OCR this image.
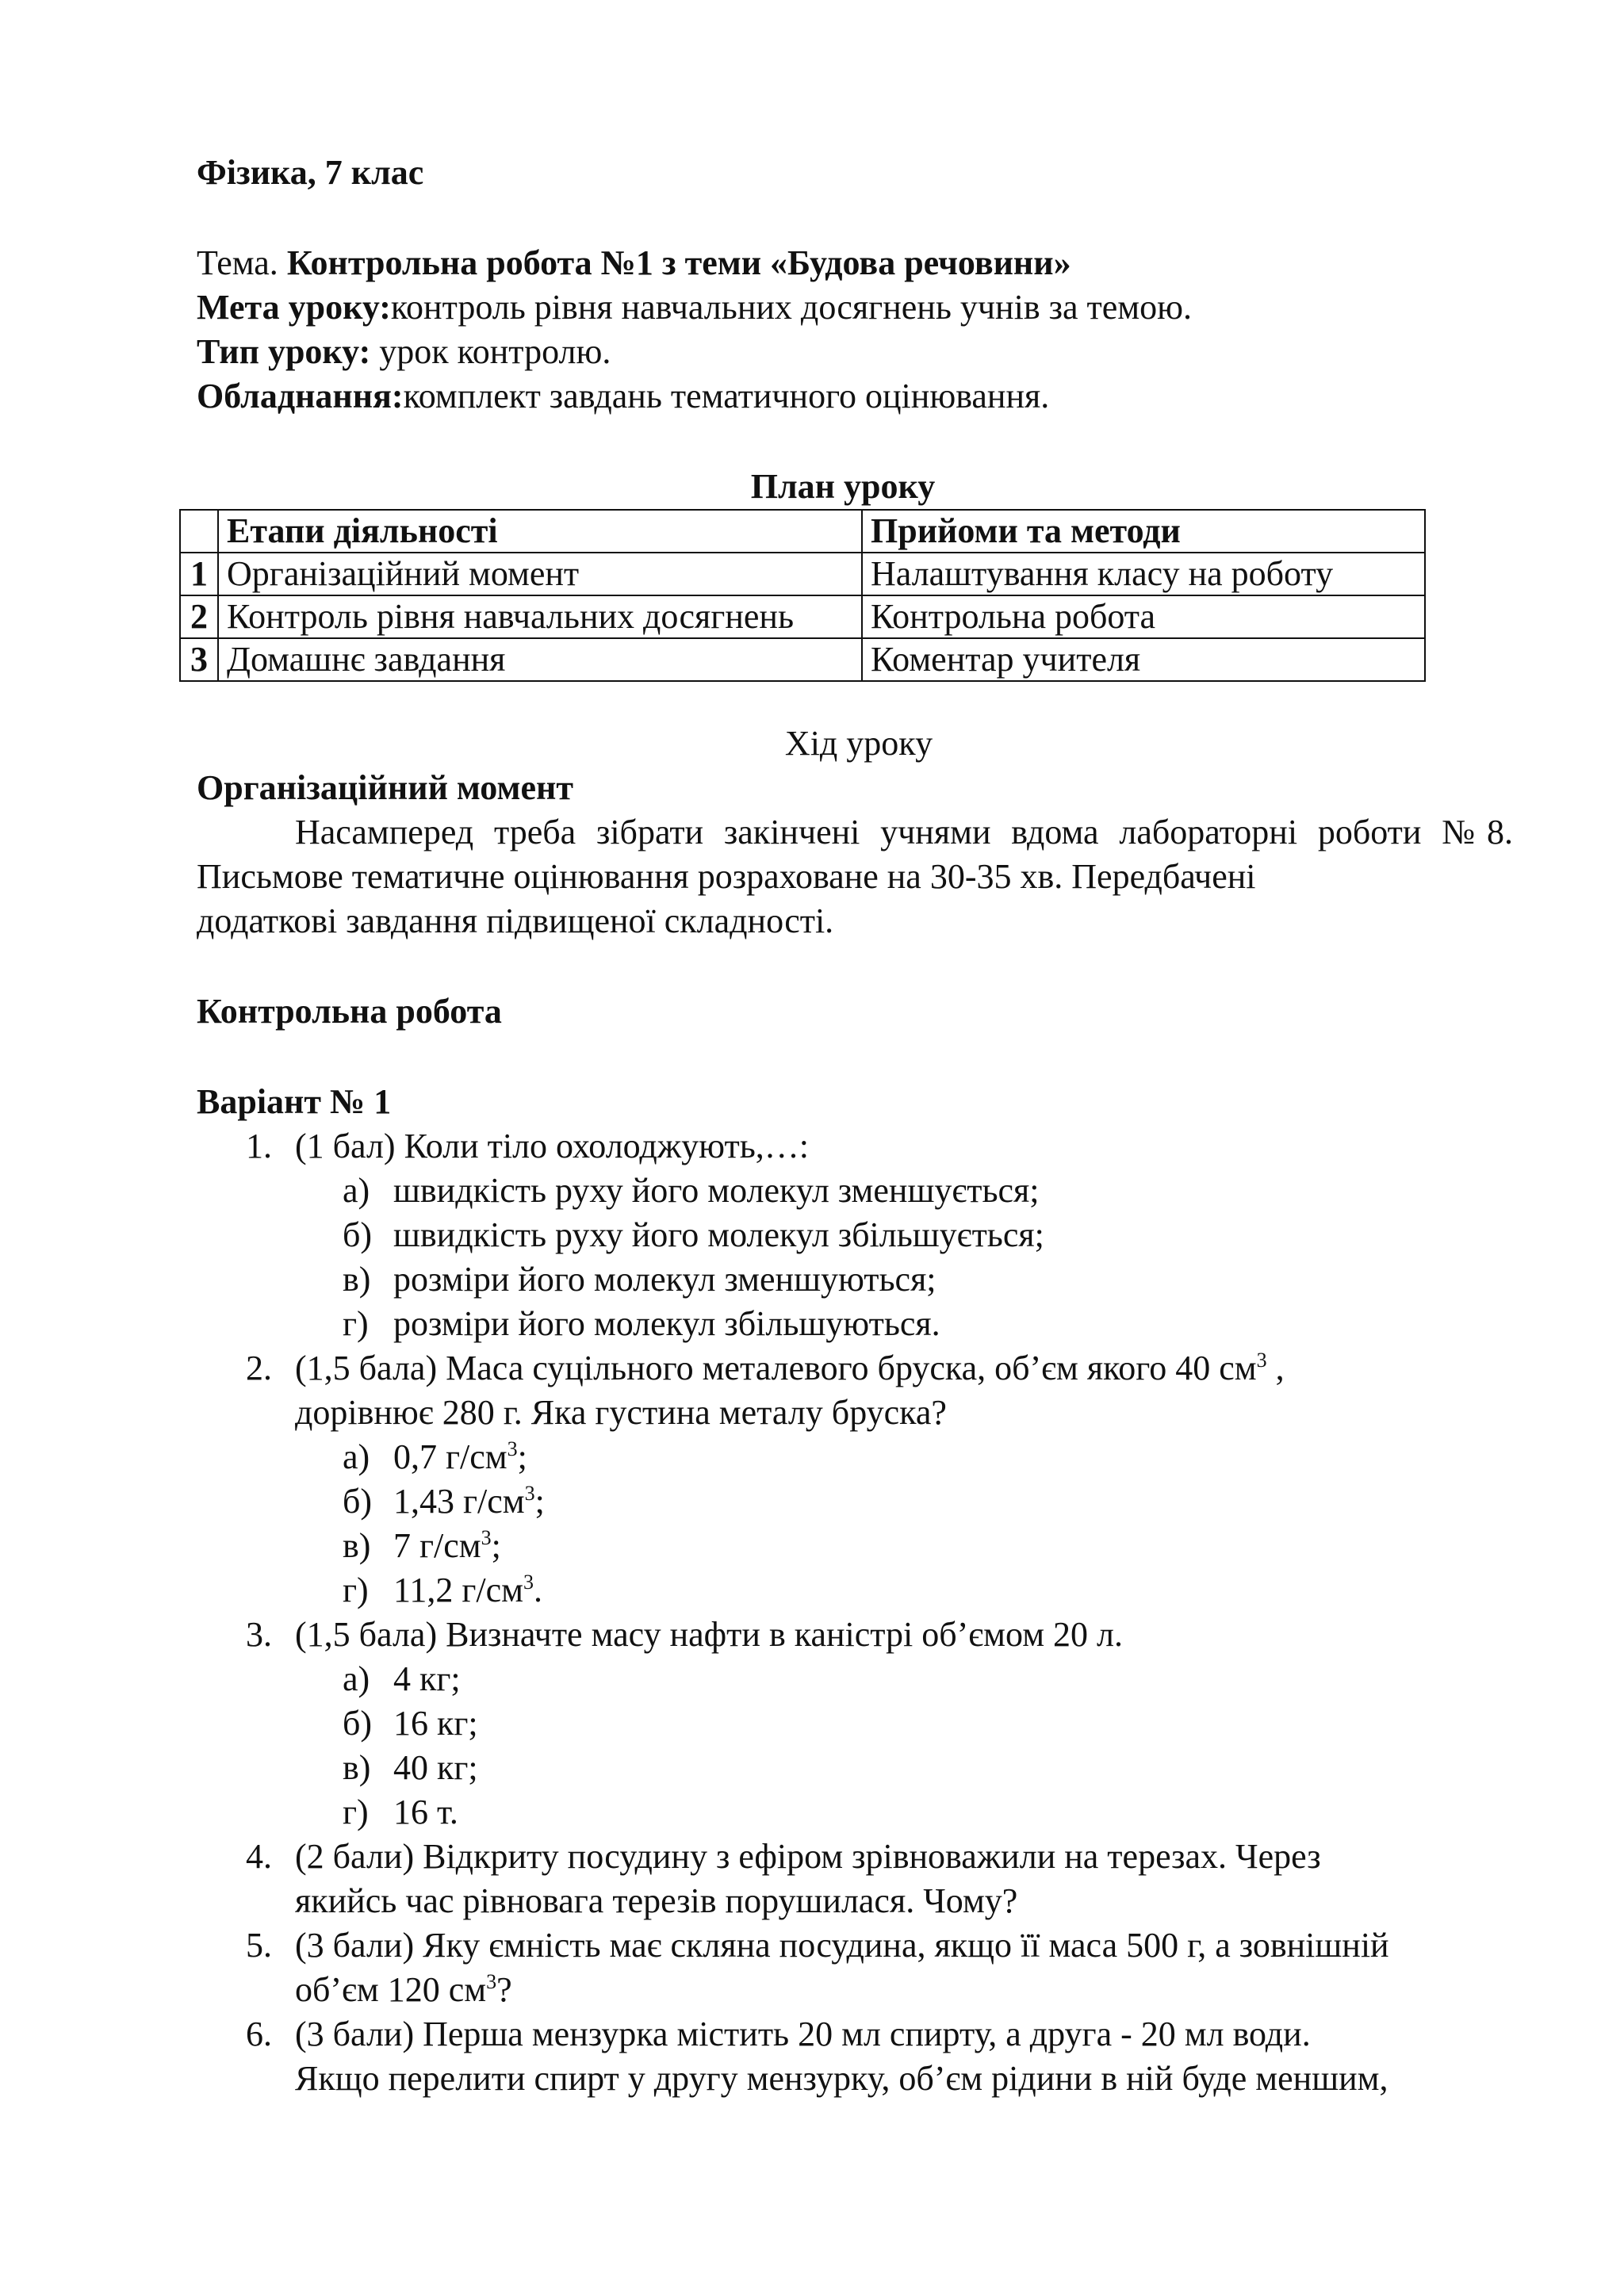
Фізика, 7 клас

Тема. Контрольна робота №1 з теми «Будова речовини»

Мета уроку:контроль рівня навчальних досягнень учнів за темою.

Тип уроку: урок контролю.

Обладнання:комплект завдань тематичного оцінювання.

План уроку

	Етапи діяльності	Прийоми та методи
1	Організаційний момент	Налаштування класу на роботу
2	Контроль рівня навчальних досягнень	Контрольна робота
3	Домашнє завдання	Коментар учителя

Хід уроку

Організаційний момент

Насамперед треба зібрати закінчені учнями вдома лабораторні роботи №8. Письмове тематичне оцінювання розраховане на 30-35 хв. Передбачені

додаткові завдання підвищеної складності.

Контрольна робота

Варіант № 1

1. (1 бал) Коли тіло охолоджують,…:
а) швидкість руху його молекул зменшується;
б) швидкість руху його молекул збільшується;
в) розміри його молекул зменшуються;
г) розміри його молекул збільшуються.
2. (1,5 бала) Маса суцільного металевого бруска, об’єм якого 40 $см^3$ ,
дорівнює 280 г. Яка густина металу бруска?
а) 0,7 $г/см^3$;
б) 1,43 $г/см^3$;
в) 7 $г/см^3$;
г) 11,2 $г/см^3$.
3. (1,5 бала) Визначте масу нафти в каністрі об’ємом 20 л.
а) 4 кг;
б) 16 кг;
в) 40 кг;
г) 16 т.
4. (2 бали) Відкриту посудину з ефіром зрівноважили на терезах. Через
якийсь час рівновага терезів порушилася. Чому?
5. (3 бали) Яку ємність має скляна посудина, якщо її маса 500 г, а зовнішній
об’єм 120 $см^3$?
6. (3 бали) Перша мензурка містить 20 мл спирту, а друга - 20 мл води.
Якщо перелити спирт у другу мензурку, об’єм рідини в ній буде меншим,
